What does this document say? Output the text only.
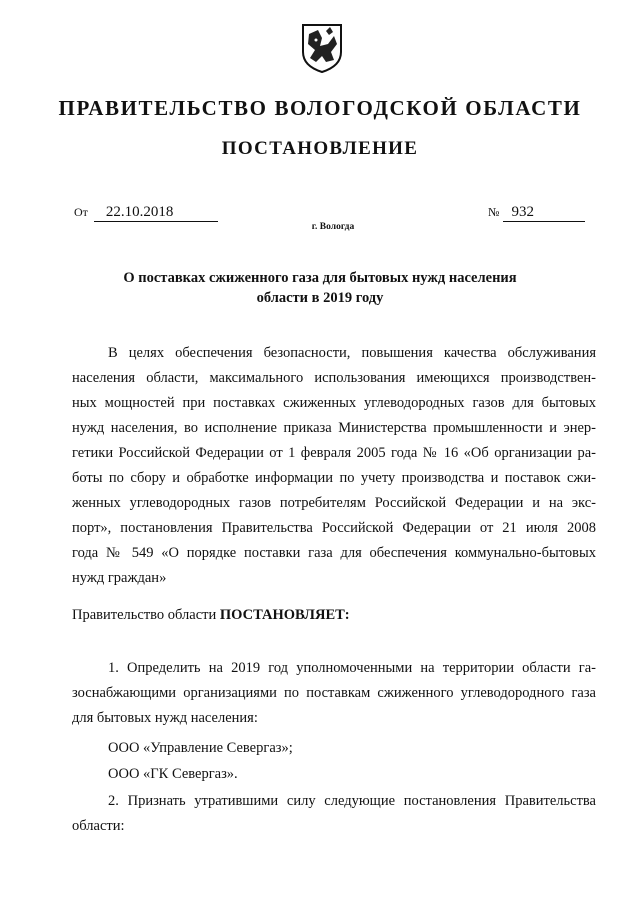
ПРАВИТЕЛЬСТВО ВОЛОГОДСКОЙ ОБЛАСТИ
ПОСТАНОВЛЕНИЕ
От 22.10.2018	№ 932
г. Вологда
О поставках сжиженного газа для бытовых нужд населения
области в 2019 году
В целях обеспечения безопасности, повышения качества обслуживания
населения области, максимального использования имеющихся производствен-
ных мощностей при поставках сжиженных углеводородных газов для бытовых
нужд населения, во исполнение приказа Министерства промышленности и энер-
гетики Российской Федерации от 1 февраля 2005 года № 16 «Об организации ра-
боты по сбору и обработке информации по учету производства и поставок сжи-
женных углеводородных газов потребителям Российской Федерации и на экс-
порт», постановления Правительства Российской Федерации от 21 июля 2008
года № 549 «О порядке поставки газа для обеспечения коммунально-бытовых
нужд граждан»
Правительство области ПОСТАНОВЛЯЕТ:
1. Определить на 2019 год уполномоченными на территории области га-
зоснабжающими организациями по поставкам сжиженного углеводородного газа
для бытовых нужд населения:
ООО «Управление Севергаз»;
ООО «ГК Севергаз».
2. Признать утратившими силу следующие постановления Правительства
области:
